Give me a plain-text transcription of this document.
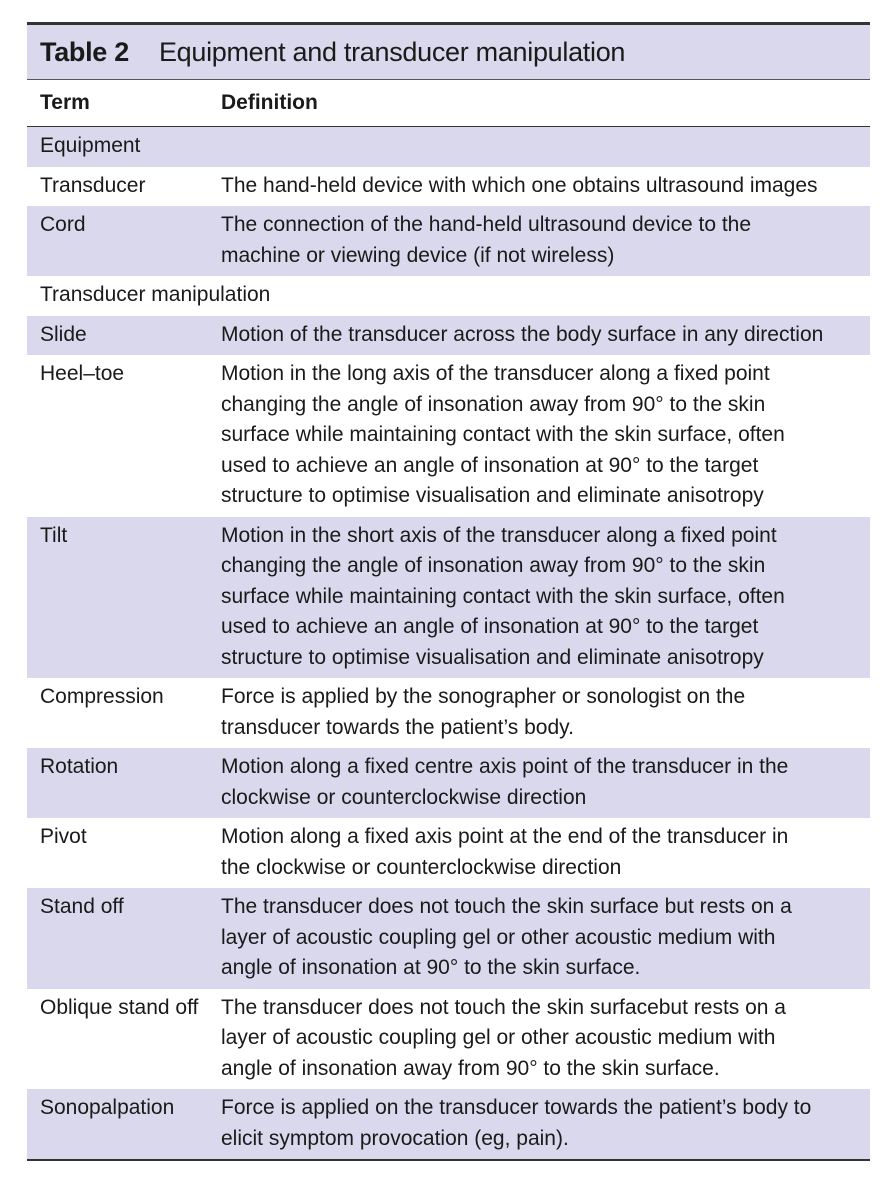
Table 2 Equipment and transducer manipulation
Term	Definition
Equipment
Transducer	The hand-held device with which one obtains ultrasound images
Cord	The connection of the hand-held ultrasound device to the
machine or viewing device (if not wireless)
Transducer manipulation
Slide	Motion of the transducer across the body surface in any direction
Heel–toe	Motion in the long axis of the transducer along a fixed point
changing the angle of insonation away from 90° to the skin
surface while maintaining contact with the skin surface, often
used to achieve an angle of insonation at 90° to the target
structure to optimise visualisation and eliminate anisotropy
Tilt	Motion in the short axis of the transducer along a fixed point
changing the angle of insonation away from 90° to the skin
surface while maintaining contact with the skin surface, often
used to achieve an angle of insonation at 90° to the target
structure to optimise visualisation and eliminate anisotropy
Compression	Force is applied by the sonographer or sonologist on the
transducer towards the patient’s body.
Rotation	Motion along a fixed centre axis point of the transducer in the
clockwise or counterclockwise direction
Pivot	Motion along a fixed axis point at the end of the transducer in
the clockwise or counterclockwise direction
Stand off	The transducer does not touch the skin surface but rests on a
layer of acoustic coupling gel or other acoustic medium with
angle of insonation at 90° to the skin surface.
Oblique stand off	The transducer does not touch the skin surfacebut rests on a
layer of acoustic coupling gel or other acoustic medium with
angle of insonation away from 90° to the skin surface.
Sonopalpation	Force is applied on the transducer towards the patient’s body to
elicit symptom provocation (eg, pain).
